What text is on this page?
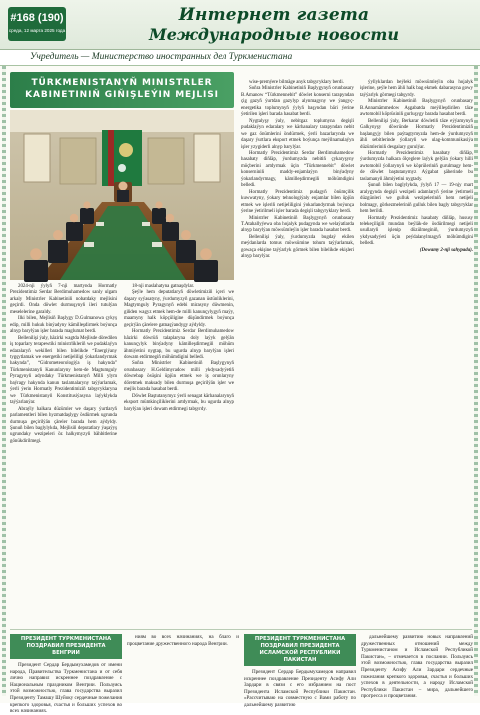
#168 (190)
среда, 12 марта 2025 года
Интернет газета
Международные новости
Учредитель — Министерство иностранных дел Туркменистана
TÜRKMENISTANYŇ MINISTRLER KABINETINIŇ GIŇIŞLEÝIN MEJLISI

2024-nji ýylyň 7-nji martynda Hormatly Prezidentimiz Serdar Berdimuhamedow sanly ulgam arkaly Ministrler Kabinetiniň nobatdaky mejlisini geçirdi. Onda döwlet durmuşynyň ileri tutulýan meselelerine garaldy.

Ilki bilen, Mejlisiň Başlygy D.Gulmanowa çykyş edip, milli hukuk binýadyny kämilleşdirmek boýunça alnyp barylýan işler barada maglumat berdi.

Bellenilişi ýaly, häzirki wagtda Mejlisde döredilen iş toparlary terapewtiki ministrlikleriň we pudaklaýyn edaralaryň wekilleri bilen bilelikde “Energiýany tygşytlamak we energetiki netijeliligi ýokarlandyrmak hakynda”, “Gidrometeorologiýa iş hakynda” Türkmenistanyň Kanunlaryny hem-de Magtumguly Pyragynyň adyndaky Türkmenistanyň Milli ylym baýragy hakynda kanun taslamalaryny taýýarlamak, ýerli ýerin Hormatly Prezidentimiziň tabşyryklaryna we Türkmenistanyň Konstitusiýasyna laýyklykda taýýarlanýar.

Abraýly halkara düzümler we daşary ýurtlaryň parlamentleri bilen hyzmatdaşlygy ösdürmek ugrunda durmuşa geçirilýän çäreler barada hem aýdyldy. Şunuň bilen baglylykda, Mejlisiň deputatlary ýaşaýyş ugrundaky wezipeleri öz halkymyzyň bähbitlerine gönükdirilmegi.

18-nji maslahatyna gatnaşdylar.

Şeýle hem deputatlaryň döwletimiziň içeri we daşary syýasatyny, ýurdumyzyň gazanan üstünliklerini, Magtymguly Pyragynyň edebi mirasyny düwmenin, giňden wagyz etmek hem-de milli kanunçylygyň maýy, maamyny halk köpçüligine düşündirmek boýunça geçirýän çärelere gatnaşýandygy aýdyldy.

Hormatly Prezidentimiz Serdar Berdimuhamedow hâzirki döwrüň talaplaryna doly laýyk gelýän kanunçylyk binýadyny kämilleşdirmegiň möhüm ähmiýetini nygtap, bu ugurda alnyp barylýan işleri dowam etdirmegiň möhümdigini belledi.

Soňra Ministrler Kabinetiniň Başlygynyň orunbasary H.Geldimyradow milli ykdysadyýetiň döwrebap ösüşini üpjün etmek we iş orunlaryny döretmek maksady bilen durmuşa geçirilýän işler we mejlis barada hasabat berdi.

Döwlet Baştutanymyz ýerli senagat kärhanalarynyň eksport mümkinçiliklerini artdyrmak, bu ugurda alnyp barylýan işleri dowam etdirmegi tabşyrdy.

wise-premýere bilmäge anyk tabşyryklary berdi.

Soňra Ministrler Kabinetiniň Başlygynyň orunbasary B.Amanow “Türkmennebit” döwlet konserni tarapyndan çig gazyň ýurtdan gazylyp alynmagyny we ýangyç-energetika toplumynyň ýylyň başyndan bäri ýerine ýetirilen işleri barada hasabat berdi.

Nygtalyşy ýaly, nebitgaz toplumyna degişli pudaklaýyn edaralary we kärhanalary tarapyndan nebit we gaz önümlerini öndürmek, ýerli bazarlarynda we daşary ýurtlara eksport etmek boýunça meýilnamalaýyn işler yzygiderli alnyp barylýar.

Hormatly Prezidentimiz Serdar Berdimuhamedow hasabaty diňläp, ýurdumyzda nebitiň çykaryşyny möçberini artdyrmak üçin “Türkmennebit” döwlet konserniniň maddy-enjamlaýyn binýadyny ýokarlandyrmagy, kämilleşdirmegiň möhümdigini belledi.

Hormatly Prezidentimiz pudagyň önümçilik kuwwatyny, ýokary tehnologiýaly enjamlar bilen üpjün etmek we işleriň netijeliligini ýokarlandyrmak boýunça ýerine ýetirilmeli işler barada degişli tabşyryklary berdi.

Ministrler Kabinetiniň Başlygynyň orunbasary T.Atahallyýewa oba hojalyk pudagynda we welaýatlarda alnyp barylýan möwsümleýin işler barada hasabat berdi.

Bellenilişi ýaly, ýurdumyzda bugdaý ekilen meýdanlarda tomus möwsümine tohum taýýarlamak, gowaça ekişine taýýarlyk görmek bilen bilelikde ekişleri alnyp barylýar.

ýyllyklardan beýleki möwsümleýin oba hojalyk işlerine, şeýle hem ähli halk bag ekmek dabarasyna gowy taýýarlyk görmegi tabşyrdy.

Ministrler Kabinetiniň Başlygynyň orunbasary B.Annamämmedow Aşgabatda meýilleşdirilen täze awtomobil köprüsiniň gurluşygy barada hasabat berdi.

Bellenilişi ýaly, Berkarar döwletiň täze eýýamynyň Galkynyşy döwründe Hormatly Prezidentimiziň başlangyjy bilen paýtagtymyzda hem-de ýurdumyzyň ähli sebitlerinde ýollaryň we ulag-kommunikasiýa düzümleriniň desgalary gurulýar.

Hormatly Prezidentimiz hasabaty diňläp, ýurdumyzda halkara ölçeglere laýyk gelýän ýokary hilli awtomobil ýollarynyň we köprüleriniň gurulmagy hem-de döwlet baştutanymyz Aýgabat şäherinde bu taslamanyň ähmiýetini nygtady.

Şunuň bilen baglylykda, ýylyň 17 — 19-njy mart aralygynda degişli wezipeli adamlaryň ýerine ýetirmeli düzgünleri we gulluk wezipeleriniň hem netijeli bolmagy, görkezmeleriniň gulluk bilen bagly tabşyryklar hem berildi.

Hormatly Prezidentimiz hasabaty diňläp, hususy telekeçiligiň mundan beýläk-de ösdürilmegi netijeli usullaryň işlenip düzülmeginiň, ýurdumyzyň ykdysadyýeti üçin peýdalanylmagyň möhümdigini belledi.

(Dowamy 2-nji sahypada).

ПРЕЗИДЕНТ ТУРКМЕНИСТАНА ПОЗДРАВИЛ ПРЕЗИДЕНТА ВЕНГРИИ

Президент Сердар Бердымухамедов от имени народа, Правительства Туркменистана и от себя лично направил искреннее поздравление с Национальным праздником Венгрии. Пользуясь этой возможностью, глава государства выразил Президенту Тамашу Шуйоку сердечные пожелания крепкого здоровья, счастья и больших успехов во всех начинаниях.

ниям во всех начинаниях, на благо и процветание дружественного народа Венгрии.

ПРЕЗИДЕНТ ТУРКМЕНИСТАНА ПОЗДРАВИЛ ПРЕЗИДЕНТА ИСЛАМСКОЙ РЕСПУБЛИКИ ПАКИСТАН

Президент Сердар Бердымухамедов направил искреннее поздравление Президенту Асифу Али Зардари в связи с его избранием на пост Президента Исламской Республики Пакистан. «Рассчитываю на совместную с Вами работу по дальнейшему развитию

дальнейшему развитию новых направлений дружественных отношений между Туркменистаном и Исламской Республикой Пакистан», – отмечается в послании. Пользуясь этой возможностью, глава государства выразил Президенту Асифу Али Зардари сердечные пожелания крепкого здоровья, счастья и больших успехов в деятельности, а народу Исламской Республики Пакистан – мира, дальнейшего прогресса и процветания.
